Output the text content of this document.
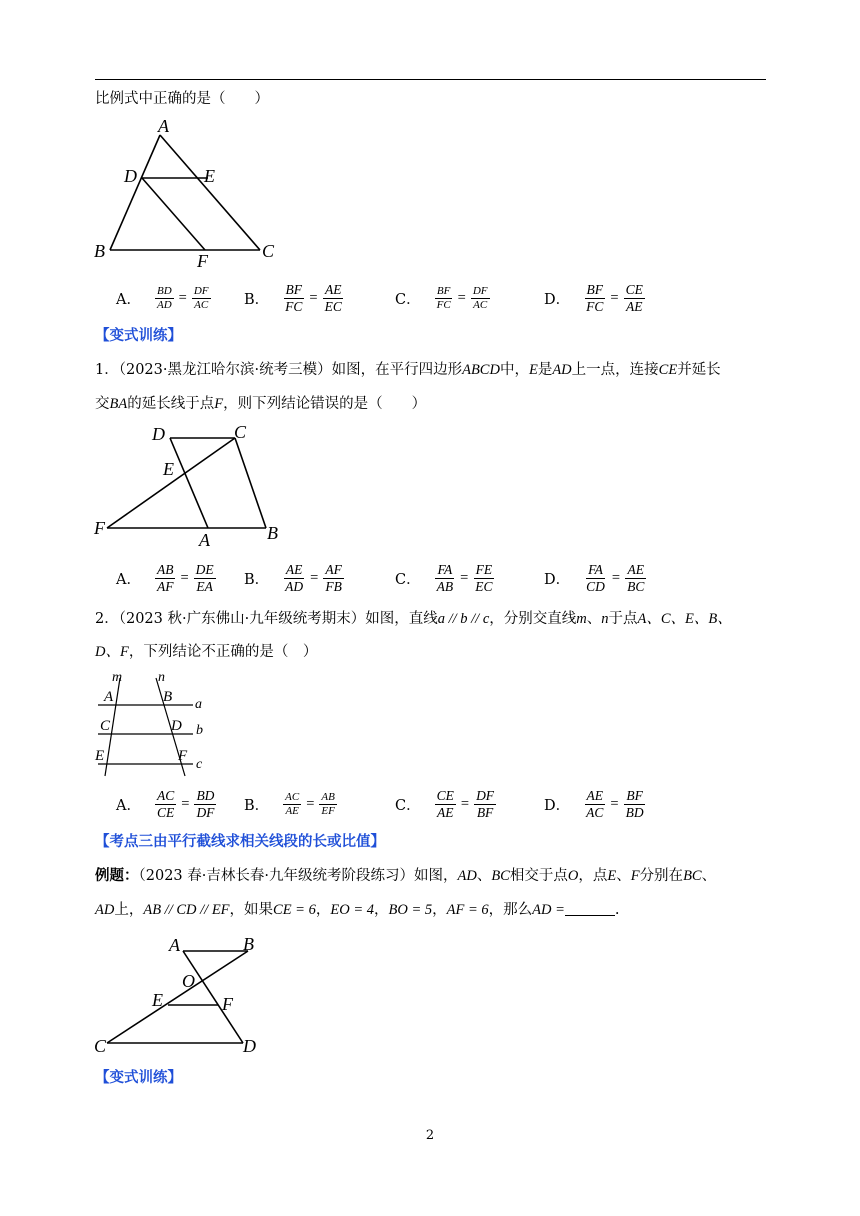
比例式中正确的是（　　）
A
D	E
B	F	C
A． $\frac{BD}{AD} = \frac{DF}{AC}$ B． $\frac{BF}{FC} = \frac{AE}{EC}$	C． $\frac{BF}{FC} = \frac{DF}{AC}$	D． $\frac{BF}{FC} = \frac{CE}{AE}$
【变式训练】
1．（2023·黑龙江哈尔滨·统考三模）如图，在平行四边形ABCD中，E是AD上一点，连接CE并延长
交BA的延长线于点F，则下列结论错误的是（　　）
D	C
E
F
A	B
A． $\frac{AB}{AF} = \frac{DE}{EA}$ B． $\frac{AE}{AD} = \frac{AF}{FB}$	C． $\frac{FA}{AB} = \frac{FE}{EC}$	D． $\frac{FA}{CD} = \frac{AE}{BC}$
2．（2023 秋·广东佛山·九年级统考期末）如图，直线a // b // c，分别交直线m、n于点A、C、E、B、
D、F，下列结论不正确的是（　）
m	n
A	B a
C	D b
E	F
c
A． $\frac{AC}{CE} = \frac{BD}{DF}$ B． $\frac{AC}{AE} = \frac{AB}{EF}$	C． $\frac{CE}{AE} = \frac{DF}{BF}$	D． $\frac{AE}{AC} = \frac{BF}{BD}$
【考点三由平行截线求相关线段的长或比值】
例题：（2023 春·吉林长春·九年级统考阶段练习）如图，AD、BC相交于点O，点E、F分别在BC、
AD上，AB // CD // EF，如果CE = 6，EO = 4，BO = 5，AF = 6，那么AD =	.
A	B
O
E	F
C	D
【变式训练】
2
